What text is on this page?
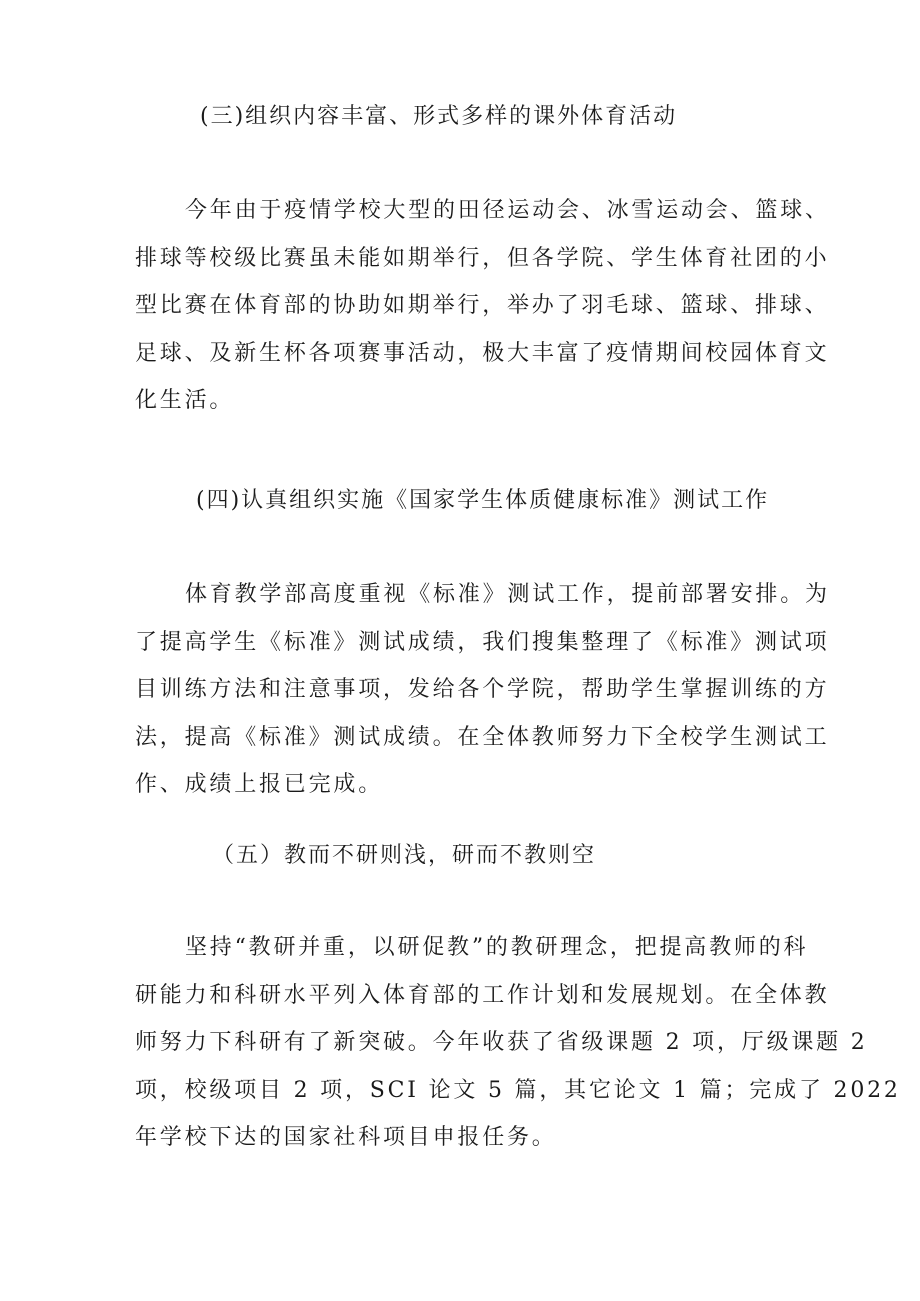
(三)组织内容丰富、形式多样的课外体育活动
今年由于疫情学校大型的田径运动会、冰雪运动会、篮球、
排球等校级比赛虽未能如期举行，但各学院、学生体育社团的小
型比赛在体育部的协助如期举行，举办了羽毛球、篮球、排球、
足球、及新生杯各项赛事活动，极大丰富了疫情期间校园体育文
化生活。
(四)认真组织实施《国家学生体质健康标准》测试工作
体育教学部高度重视《标准》测试工作，提前部署安排。为
了提高学生《标准》测试成绩，我们搜集整理了《标准》测试项
目训练方法和注意事项，发给各个学院，帮助学生掌握训练的方
法，提高《标准》测试成绩。在全体教师努力下全校学生测试工
作、成绩上报已完成。
（五）教而不研则浅，研而不教则空
坚持“教研并重，以研促教”的教研理念，把提高教师的科
研能力和科研水平列入体育部的工作计划和发展规划。在全体教
师努力下科研有了新突破。今年收获了省级课题 2 项，厅级课题 2
项，校级项目 2 项，SCI 论文 5 篇，其它论文 1 篇；完成了 2022
年学校下达的国家社科项目申报任务。
